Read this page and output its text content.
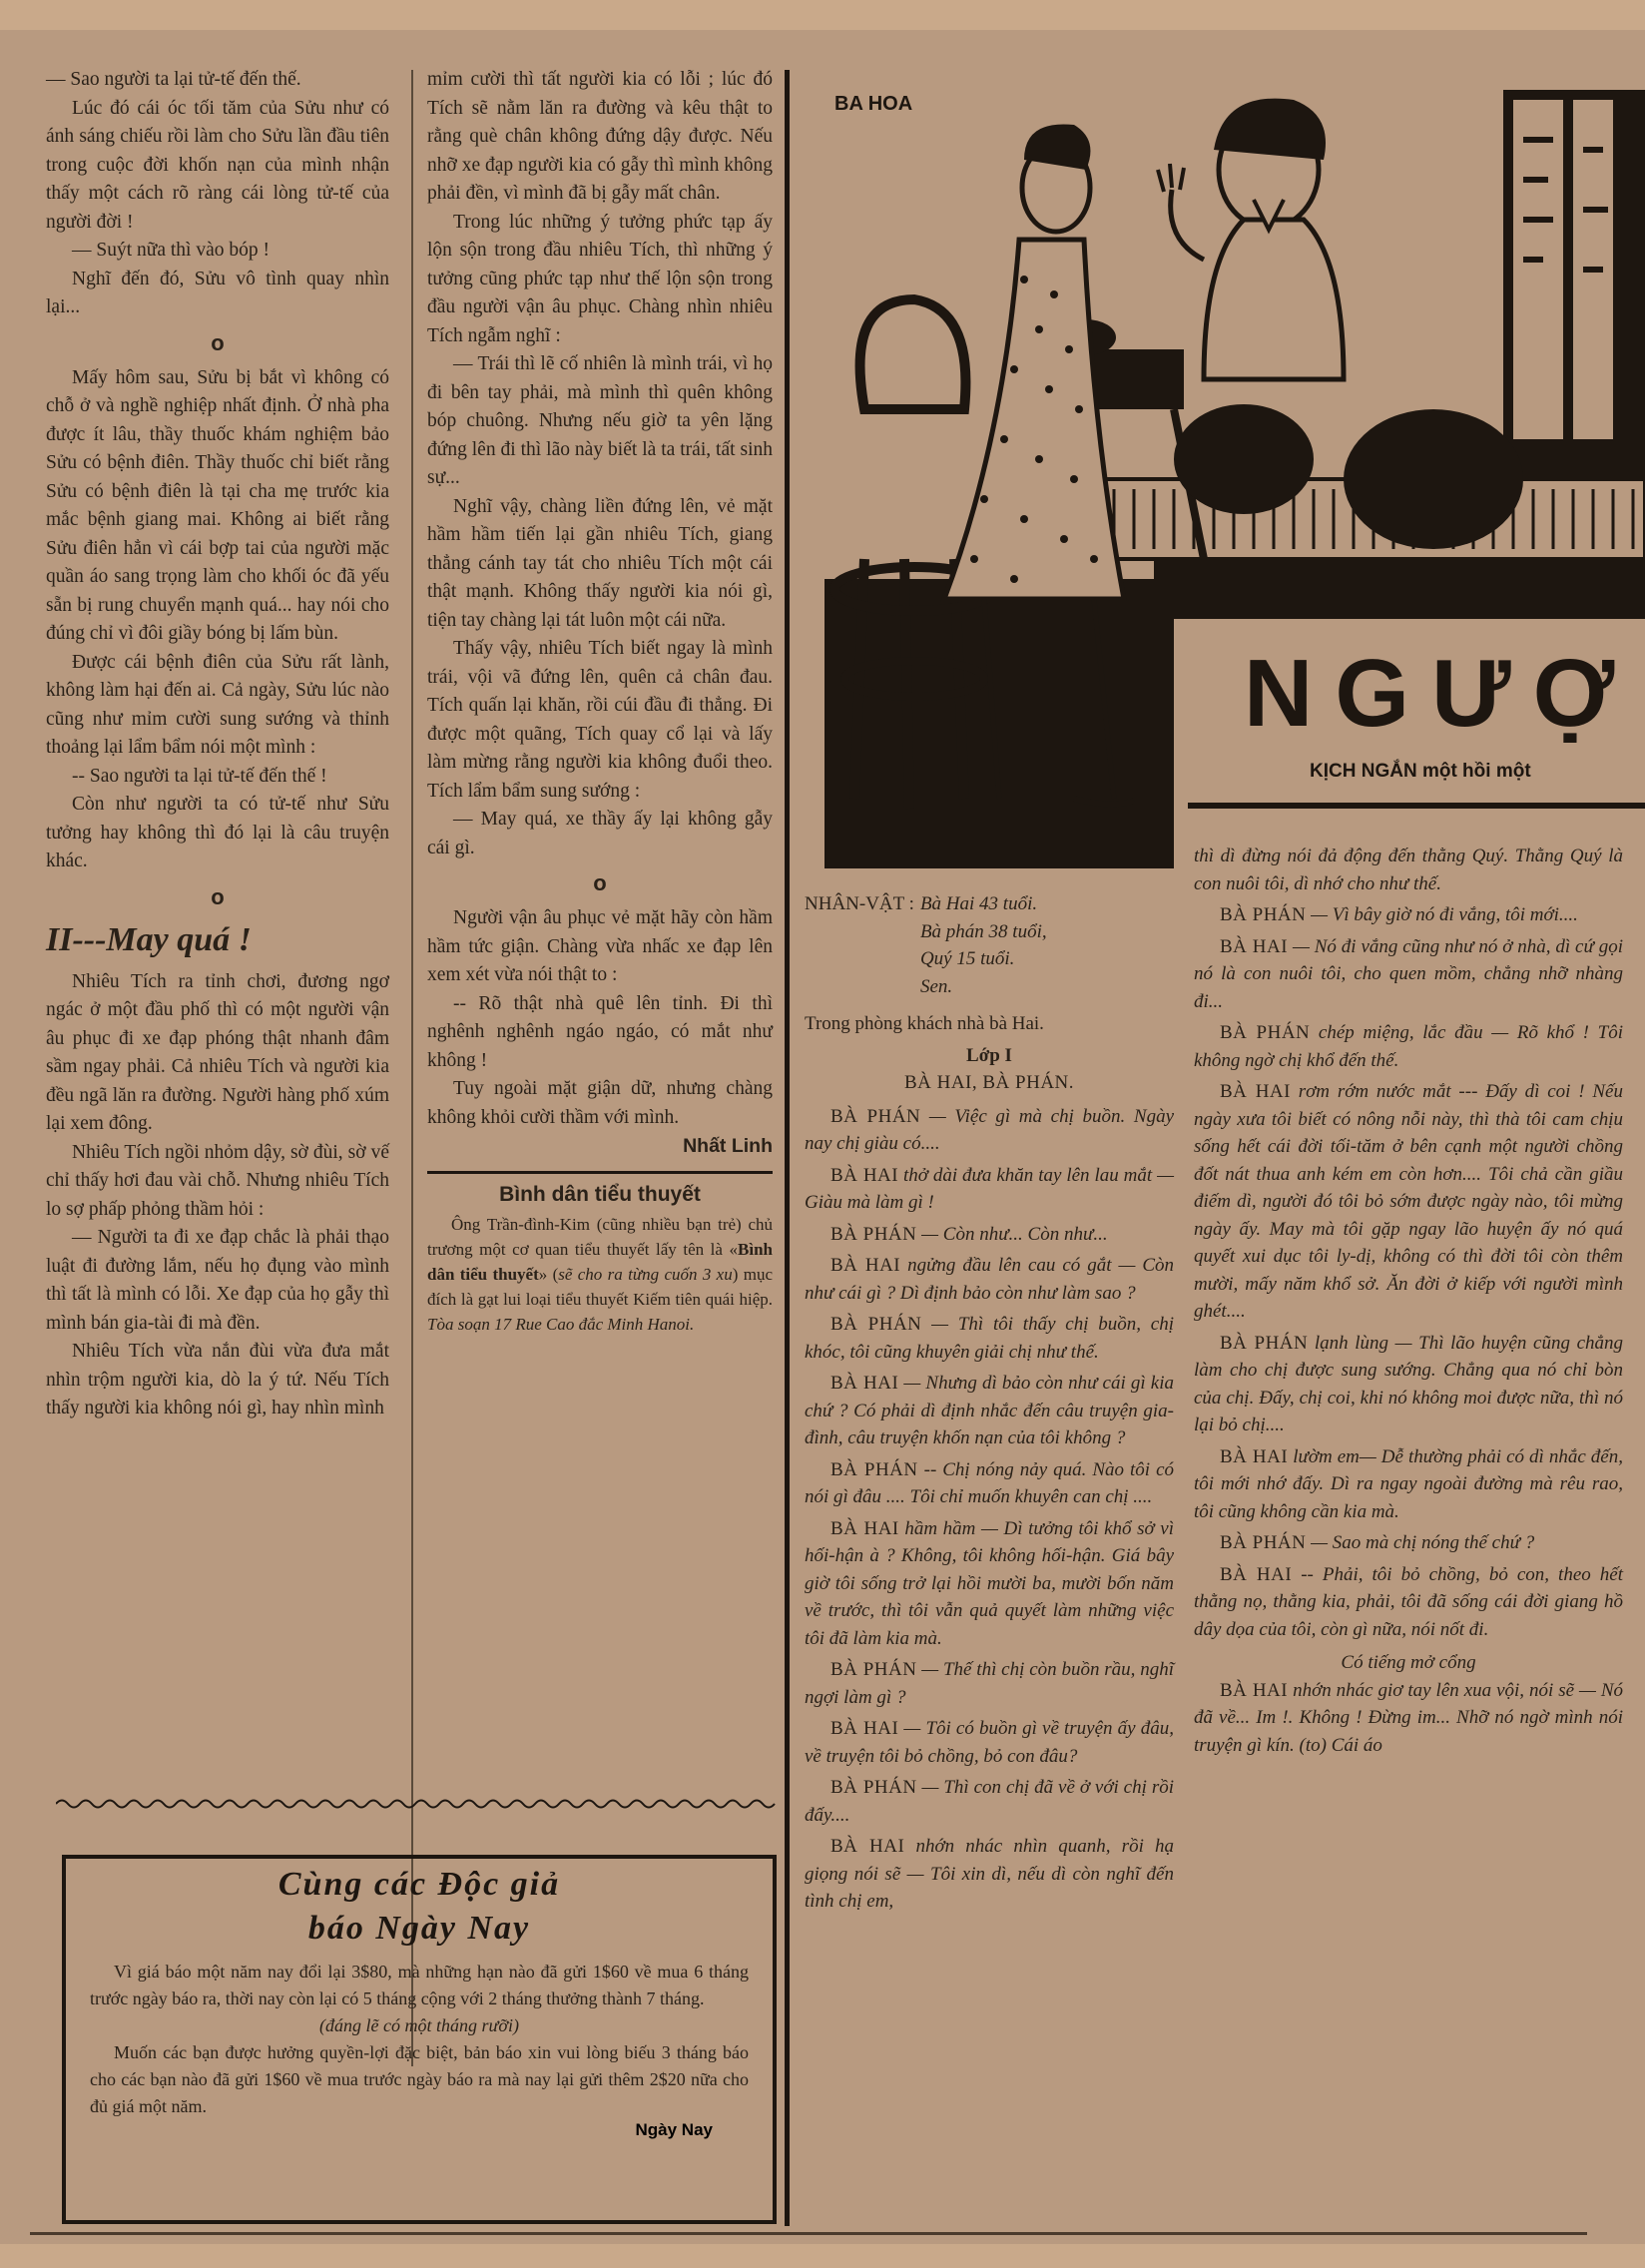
— Sao người ta lại tử-tế đến thế.

Lúc đó cái óc tối tăm của Sửu như có ánh sáng chiếu rồi làm cho Sửu lần đầu tiên trong cuộc đời khốn nạn của mình nhận thấy một cách rõ ràng cái lòng tử-tế của người đời !

— Suýt nữa thì vào bóp !

Nghĩ đến đó, Sửu vô tình quay nhìn lại...

o

Mấy hôm sau, Sửu bị bắt vì không có chỗ ở và nghề nghiệp nhất định. Ở nhà pha được ít lâu, thầy thuốc khám nghiệm bảo Sửu có bệnh điên. Thầy thuốc chỉ biết rằng Sửu có bệnh điên là tại cha mẹ trước kia mắc bệnh giang mai. Không ai biết rằng Sửu điên hẳn vì cái bợp tai của người mặc quần áo sang trọng làm cho khối óc đã yếu sẵn bị rung chuyển mạnh quá... hay nói cho đúng chỉ vì đôi giầy bóng bị lấm bùn.

Được cái bệnh điên của Sửu rất lành, không làm hại đến ai. Cả ngày, Sửu lúc nào cũng như mỉm cười sung sướng và thỉnh thoảng lại lẩm bẩm nói một mình :

-- Sao người ta lại tử-tế đến thế !

Còn như người ta có tử-tế như Sửu tưởng hay không thì đó lại là câu truyện khác.

o
II---May quá !

Nhiêu Tích ra tỉnh chơi, đương ngơ ngác ở một đầu phố thì có một người vận âu phục đi xe đạp phóng thật nhanh đâm sầm ngay phải. Cả nhiêu Tích và người kia đều ngã lăn ra đường. Người hàng phố xúm lại xem đông.

Nhiêu Tích ngồi nhỏm dậy, sờ đùi, sờ vế chỉ thấy hơi đau vài chỗ. Nhưng nhiêu Tích lo sợ phấp phỏng thầm hỏi :

— Người ta đi xe đạp chắc là phải thạo luật đi đường lắm, nếu họ đụng vào mình thì tất là mình có lỗi. Xe đạp của họ gẫy thì mình bán gia-tài đi mà đền.

Nhiêu Tích vừa nắn đùi vừa đưa mắt nhìn trộm người kia, dò la ý tứ. Nếu Tích thấy người kia không nói gì, hay nhìn mình

mỉm cười thì tất người kia có lỗi ; lúc đó Tích sẽ nằm lăn ra đường và kêu thật to rằng què chân không đứng dậy được. Nếu nhỡ xe đạp người kia có gẫy thì mình không phải đền, vì mình đã bị gẫy mất chân.

Trong lúc những ý tưởng phức tạp ấy lộn sộn trong đầu nhiêu Tích, thì những ý tưởng cũng phức tạp như thế lộn sộn trong đầu người vận âu phục. Chàng nhìn nhiêu Tích ngẫm nghĩ :

— Trái thì lẽ cố nhiên là mình trái, vì họ đi bên tay phải, mà mình thì quên không bóp chuông. Nhưng nếu giờ ta yên lặng đứng lên đi thì lão này biết là ta trái, tất sinh sự...

Nghĩ vậy, chàng liền đứng lên, vẻ mặt hầm hầm tiến lại gần nhiêu Tích, giang thẳng cánh tay tát cho nhiêu Tích một cái thật mạnh. Không thấy người kia nói gì, tiện tay chàng lại tát luôn một cái nữa.

Thấy vậy, nhiêu Tích biết ngay là mình trái, vội vã đứng lên, quên cả chân đau. Tích quấn lại khăn, rồi cúi đầu đi thẳng. Đi được một quãng, Tích quay cổ lại và lấy làm mừng rằng người kia không đuổi theo. Tích lẩm bẩm sung sướng :

— May quá, xe thầy ấy lại không gẫy cái gì.

o

Người vận âu phục vẻ mặt hãy còn hầm hầm tức giận. Chàng vừa nhấc xe đạp lên xem xét vừa nói thật to :

-- Rõ thật nhà quê lên tỉnh. Đi thì nghênh nghênh ngáo ngáo, có mắt như không !

Tuy ngoài mặt giận dữ, nhưng chàng không khỏi cười thầm với mình.

Nhất Linh

Bình dân tiểu thuyết
Ông Trần-đình-Kim (cũng nhiều bạn trẻ) chủ trương một cơ quan tiểu thuyết lấy tên là «Bình dân tiểu thuyết» (sẽ cho ra từng cuốn 3 xu) mục đích là gạt lui loại tiểu thuyết Kiếm tiên quái hiệp. Tòa soạn 17 Rue Cao đắc Minh Hanoi.
Cùng các Độc giả
báo Ngày Nay

Vì giá báo một năm nay đổi lại 3$80, mà những hạn nào đã gửi 1$60 về mua 6 tháng trước ngày báo ra, thời nay còn lại có 5 tháng cộng với 2 tháng thưởng thành 7 tháng.

(đáng lẽ có một tháng rưỡi)

Muốn các bạn được hưởng quyền-lợi đặc biệt, bản báo xin vui lòng biếu 3 tháng báo cho các bạn nào đã gửi 1$60 về mua trước ngày báo ra mà nay lại gửi thêm 2$20 nữa cho đủ giá một năm.

Ngày Nay
BA HOA
NGƯỢ
KỊCH NGẮN một hồi một
NHÂN-VẬT : Bà Hai 43 tuổi.
Bà phán 38 tuổi,
Quý 15 tuổi.
Sen.

Trong phòng khách nhà bà Hai.

Lớp I

BÀ HAI, BÀ PHÁN.

BÀ PHÁN — Việc gì mà chị buồn. Ngày nay chị giàu có....

BÀ HAI thở dài đưa khăn tay lên lau mắt — Giàu mà làm gì !

BÀ PHÁN — Còn như... Còn như...

BÀ HAI ngửng đầu lên cau có gắt — Còn như cái gì ? Dì định bảo còn như làm sao ?

BÀ PHÁN — Thì tôi thấy chị buồn, chị khóc, tôi cũng khuyên giải chị như thế.

BÀ HAI — Nhưng dì bảo còn như cái gì kia chứ ? Có phải dì định nhắc đến câu truyện gia-đình, câu truyện khốn nạn của tôi không ?

BÀ PHÁN -- Chị nóng nảy quá. Nào tôi có nói gì đâu .... Tôi chỉ muốn khuyên can chị ....

BÀ HAI hầm hầm — Dì tưởng tôi khổ sở vì hối-hận à ? Không, tôi không hối-hận. Giá bây giờ tôi sống trở lại hồi mười ba, mười bốn năm về trước, thì tôi vẫn quả quyết làm những việc tôi đã làm kia mà.

BÀ PHÁN — Thế thì chị còn buồn rầu, nghĩ ngợi làm gì ?

BÀ HAI — Tôi có buồn gì về truyện ấy đâu, về truyện tôi bỏ chồng, bỏ con đâu?

BÀ PHÁN — Thì con chị đã về ở với chị rồi đấy....

BÀ HAI nhớn nhác nhìn quanh, rồi hạ giọng nói sẽ — Tôi xin dì, nếu dì còn nghĩ đến tình chị em,

thì dì đừng nói đả động đến thằng Quý. Thằng Quý là con nuôi tôi, dì nhớ cho như thế.

BÀ PHÁN — Vì bây giờ nó đi vắng, tôi mới....

BÀ HAI — Nó đi vắng cũng như nó ở nhà, dì cứ gọi nó là con nuôi tôi, cho quen mồm, chẳng nhỡ nhàng đi...

BÀ PHÁN chép miệng, lắc đầu — Rõ khổ ! Tôi không ngờ chị khổ đến thế.

BÀ HAI rơm rớm nước mắt --- Đấy dì coi ! Nếu ngày xưa tôi biết có nông nỗi này, thì thà tôi cam chịu sống hết cái đời tối-tăm ở bên cạnh một người chồng đốt nát thua anh kém em còn hơn.... Tôi chả cần giầu điếm dì, người đó tôi bỏ sớm được ngày nào, tôi mừng ngày ấy. May mà tôi gặp ngay lão huyện ấy nó quá quyết xui dục tôi ly-dị, không có thì đời tôi còn thêm mười, mấy năm khổ sở. Ăn đời ở kiếp với người mình ghét....

BÀ PHÁN lạnh lùng — Thì lão huyện cũng chẳng làm cho chị được sung sướng. Chẳng qua nó chỉ bòn của chị. Đấy, chị coi, khi nó không moi được nữa, thì nó lại bỏ chị....

BÀ HAI lườm em— Dễ thường phải có dì nhắc đến, tôi mới nhớ đấy. Dì ra ngay ngoài đường mà rêu rao, tôi cũng không cần kia mà.

BÀ PHÁN — Sao mà chị nóng thế chứ ?

BÀ HAI -- Phải, tôi bỏ chồng, bỏ con, theo hết thằng nọ, thằng kia, phải, tôi đã sống cái đời giang hồ dây dọa của tôi, còn gì nữa, nói nốt đi.

Có tiếng mở cổng

BÀ HAI nhớn nhác giơ tay lên xua vội, nói sẽ — Nó đã về... Im !. Không ! Đừng im... Nhỡ nó ngờ mình nói truyện gì kín. (to) Cái áo
